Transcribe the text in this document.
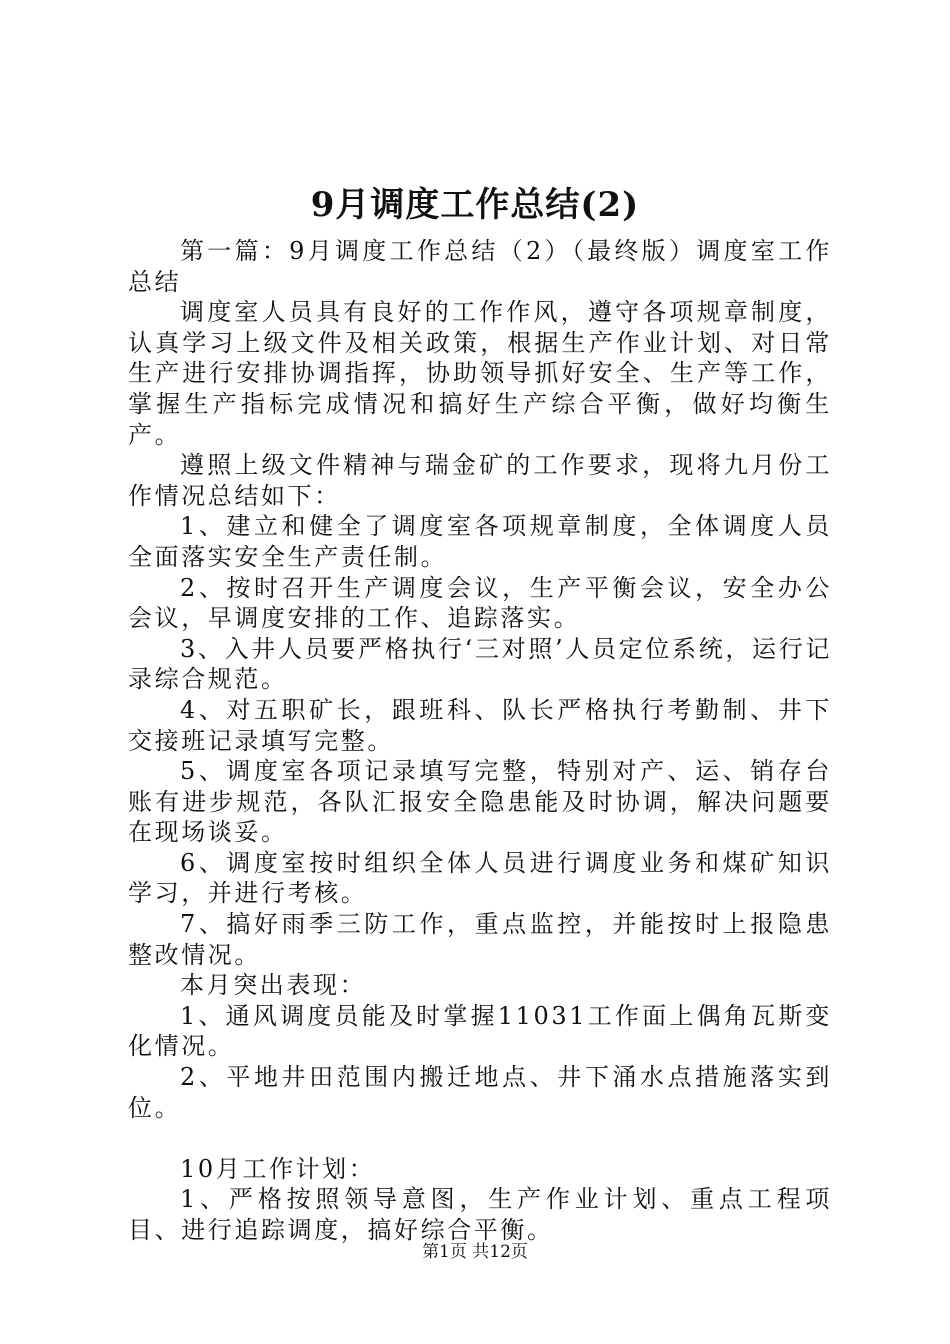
9月调度工作总结(2)

第一篇：9月调度工作总结（2）（最终版）调度室工作总结

调度室人员具有良好的工作作风，遵守各项规章制度，认真学习上级文件及相关政策，根据生产作业计划、对日常生产进行安排协调指挥，协助领导抓好安全、生产等工作，掌握生产指标完成情况和搞好生产综合平衡，做好均衡生产。

遵照上级文件精神与瑞金矿的工作要求，现将九月份工作情况总结如下：

1、建立和健全了调度室各项规章制度，全体调度人员全面落实安全生产责任制。

2、按时召开生产调度会议，生产平衡会议，安全办公会议，早调度安排的工作、追踪落实。

3、入井人员要严格执行‘三对照’人员定位系统，运行记录综合规范。

4、对五职矿长，跟班科、队长严格执行考勤制、井下交接班记录填写完整。

5、调度室各项记录填写完整，特别对产、运、销存台账有进步规范，各队汇报安全隐患能及时协调，解决问题要在现场谈妥。

6、调度室按时组织全体人员进行调度业务和煤矿知识学习，并进行考核。

7、搞好雨季三防工作，重点监控，并能按时上报隐患整改情况。

本月突出表现：

1、通风调度员能及时掌握11031工作面上偶角瓦斯变化情况。

2、平地井田范围内搬迁地点、井下涌水点措施落实到位。

10月工作计划：

1、严格按照领导意图，生产作业计划、重点工程项目、进行追踪调度，搞好综合平衡。

第1页 共12页
